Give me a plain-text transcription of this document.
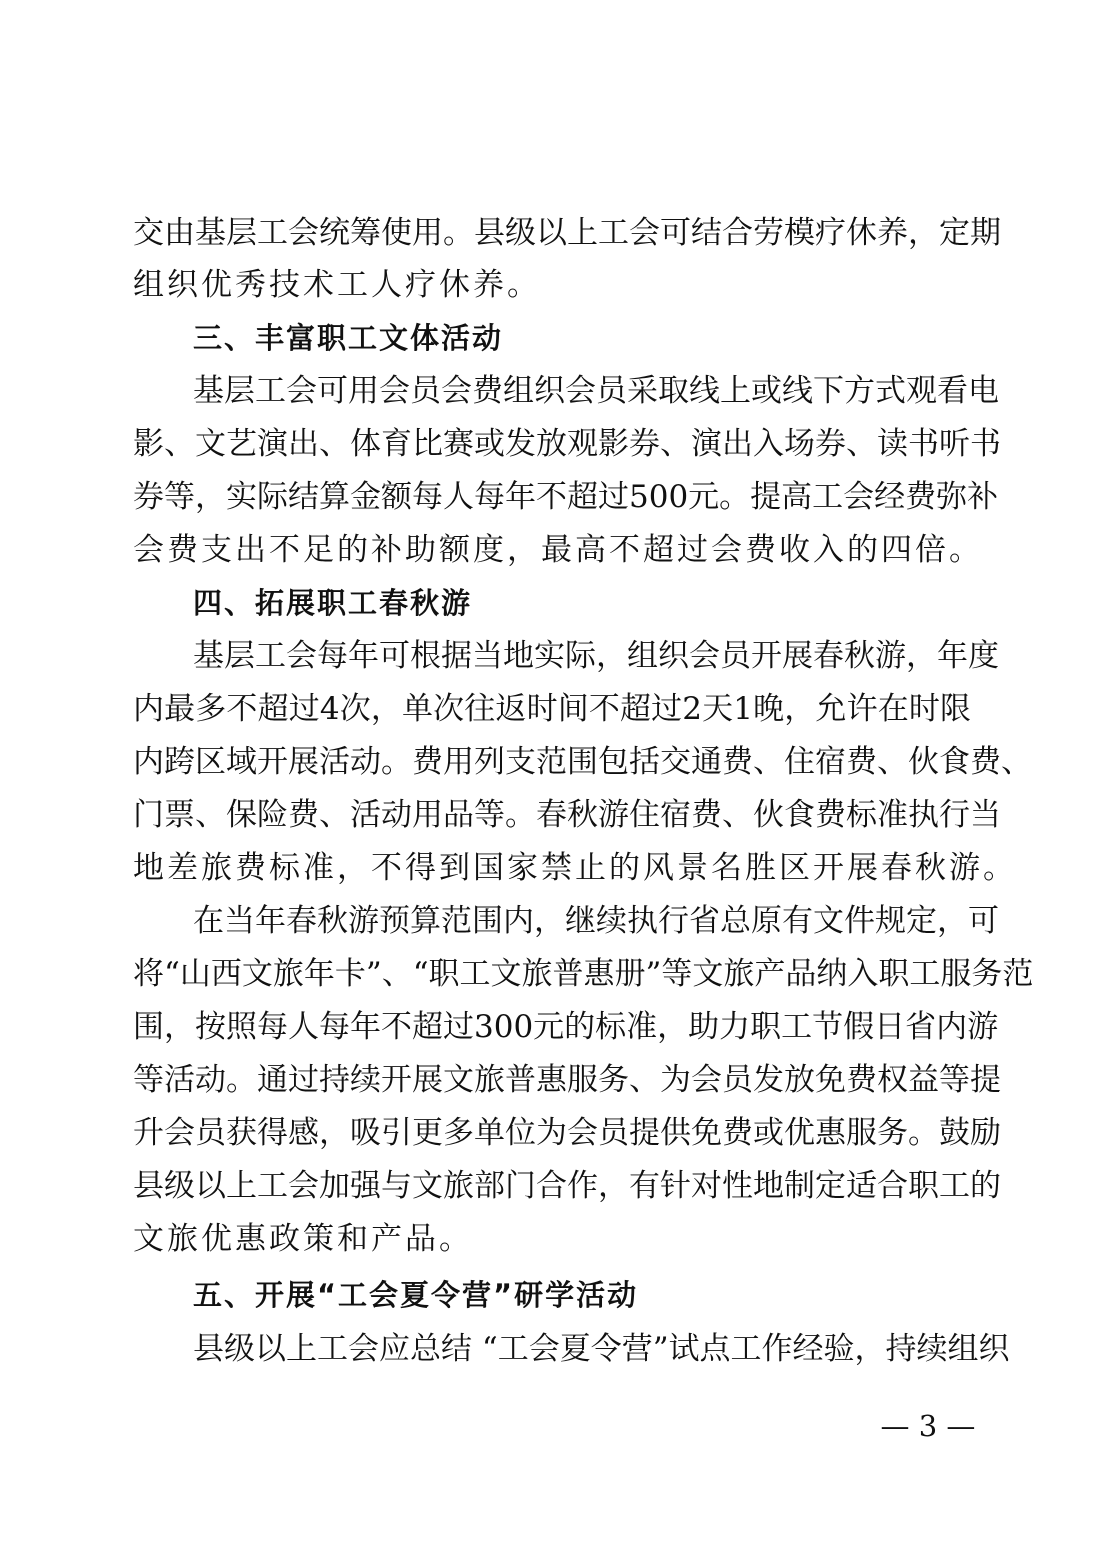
交由基层工会统筹使用。县级以上工会可结合劳模疗休养，定期
组织优秀技术工人疗休养。
三、丰富职工文体活动
基层工会可用会员会费组织会员采取线上或线下方式观看电
影、文艺演出、体育比赛或发放观影券、演出入场券、读书听书
券等，实际结算金额每人每年不超过500元。提高工会经费弥补
会费支出不足的补助额度，最高不超过会费收入的四倍。
四、拓展职工春秋游
基层工会每年可根据当地实际，组织会员开展春秋游，年度
内最多不超过4次，单次往返时间不超过2天1晚，允许在时限
内跨区域开展活动。费用列支范围包括交通费、住宿费、伙食费、
门票、保险费、活动用品等。春秋游住宿费、伙食费标准执行当
地差旅费标准，不得到国家禁止的风景名胜区开展春秋游。
在当年春秋游预算范围内，继续执行省总原有文件规定，可
将“山西文旅年卡”、“职工文旅普惠册”等文旅产品纳入职工服务范
围，按照每人每年不超过300元的标准，助力职工节假日省内游
等活动。通过持续开展文旅普惠服务、为会员发放免费权益等提
升会员获得感，吸引更多单位为会员提供免费或优惠服务。鼓励
县级以上工会加强与文旅部门合作，有针对性地制定适合职工的
文旅优惠政策和产品。
五、开展“工会夏令营”研学活动
县级以上工会应总结 “工会夏令营”试点工作经验，持续组织
— 3 —
